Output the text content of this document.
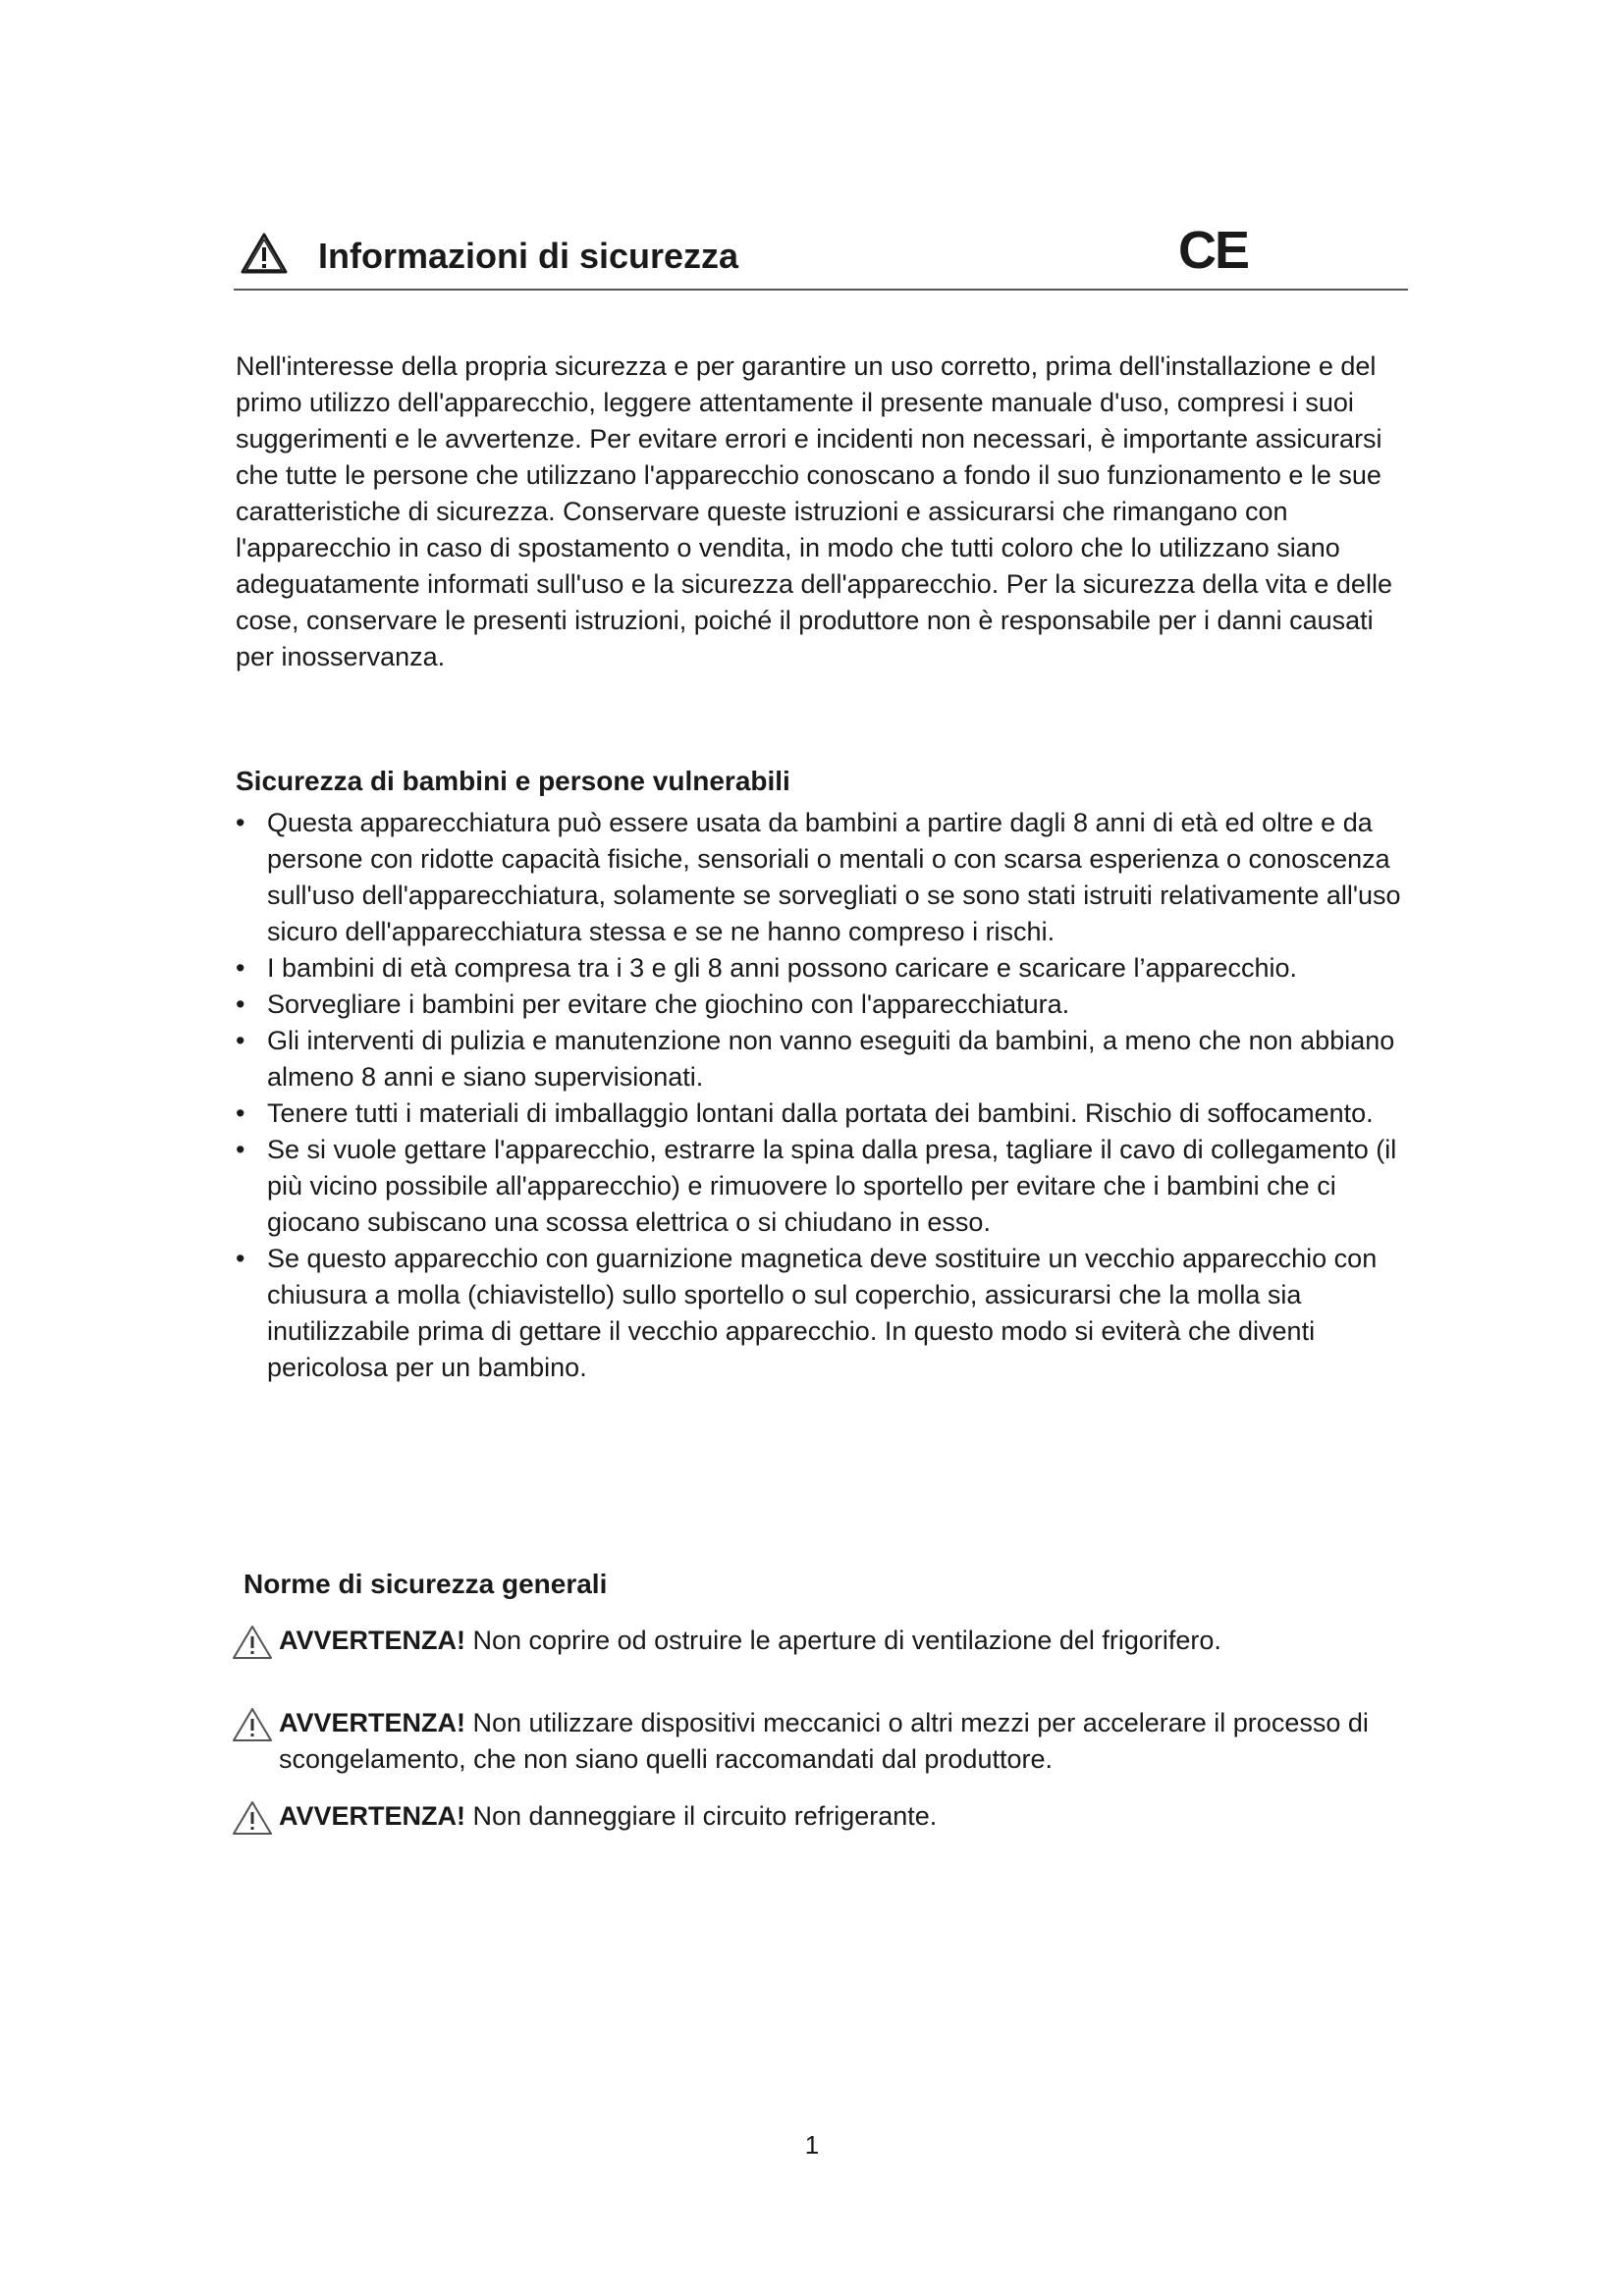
Informazioni di sicurezza	CE

Nell'interesse della propria sicurezza e per garantire un uso corretto, prima dell'installazione e del primo utilizzo dell'apparecchio, leggere attentamente il presente manuale d'uso, compresi i suoi suggerimenti e le avvertenze. Per evitare errori e incidenti non necessari, è importante assicurarsi che tutte le persone che utilizzano l'apparecchio conoscano a fondo il suo funzionamento e le sue caratteristiche di sicurezza. Conservare queste istruzioni e assicurarsi che rimangano con l'apparecchio in caso di spostamento o vendita, in modo che tutti coloro che lo utilizzano siano adeguatamente informati sull'uso e la sicurezza dell'apparecchio. Per la sicurezza della vita e delle cose, conservare le presenti istruzioni, poiché il produttore non è responsabile per i danni causati per inosservanza.

Sicurezza di bambini e persone vulnerabili
• Questa apparecchiatura può essere usata da bambini a partire dagli 8 anni di età ed oltre e da persone con ridotte capacità fisiche, sensoriali o mentali o con scarsa esperienza o conoscenza sull'uso dell'apparecchiatura, solamente se sorvegliati o se sono stati istruiti relativamente all'uso sicuro dell'apparecchiatura stessa e se ne hanno compreso i rischi.
• I bambini di età compresa tra i 3 e gli 8 anni possono caricare e scaricare l’apparecchio.
• Sorvegliare i bambini per evitare che giochino con l'apparecchiatura.
• Gli interventi di pulizia e manutenzione non vanno eseguiti da bambini, a meno che non abbiano almeno 8 anni e siano supervisionati.
• Tenere tutti i materiali di imballaggio lontani dalla portata dei bambini. Rischio di soffocamento.
• Se si vuole gettare l'apparecchio, estrarre la spina dalla presa, tagliare il cavo di collegamento (il più vicino possibile all'apparecchio) e rimuovere lo sportello per evitare che i bambini che ci giocano subiscano una scossa elettrica o si chiudano in esso.
• Se questo apparecchio con guarnizione magnetica deve sostituire un vecchio apparecchio con chiusura a molla (chiavistello) sullo sportello o sul coperchio, assicurarsi che la molla sia inutilizzabile prima di gettare il vecchio apparecchio. In questo modo si eviterà che diventi pericolosa per un bambino.
Norme di sicurezza generali

AVVERTENZA! Non coprire od ostruire le aperture di ventilazione del frigorifero.

AVVERTENZA! Non utilizzare dispositivi meccanici o altri mezzi per accelerare il processo di scongelamento, che non siano quelli raccomandati dal produttore.

AVVERTENZA! Non danneggiare il circuito refrigerante.

1
